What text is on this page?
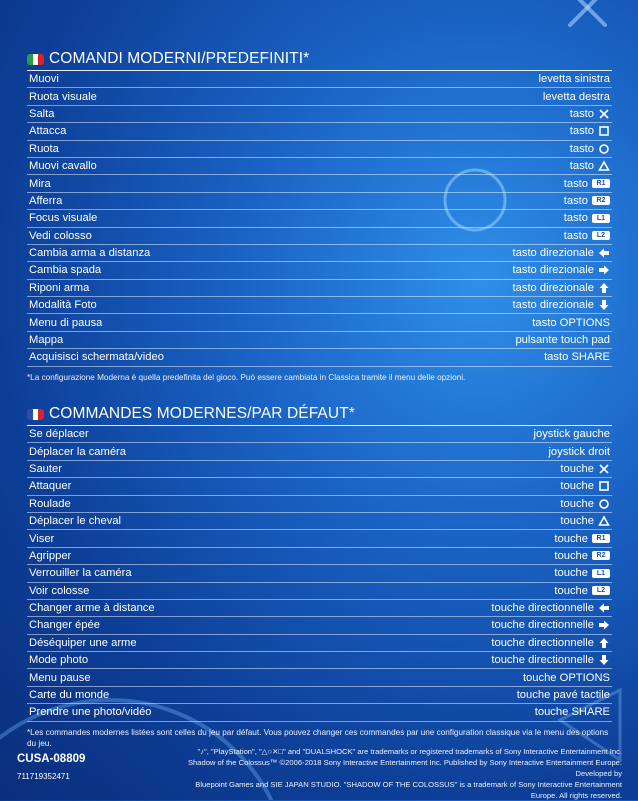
COMANDI MODERNI/PREDEFINITI*
Muovi	levetta sinistra
Ruota visuale	levetta destra
Salta	tasto
Attacca	tasto
Ruota	tasto
Muovi cavallo	tasto
Mira	tasto	R1
Afferra	tasto	R2
Focus visuale	tasto	L1
Vedi colosso	tasto	L2
Cambia arma a distanza	tasto direzionale
Cambia spada	tasto direzionale
Riponi arma	tasto direzionale
Modalità Foto	tasto direzionale
Menu di pausa	tasto OPTIONS
Mappa	pulsante touch pad
Acquisisci schermata/video	tasto SHARE
*La configurazione Moderna è quella predefinita del gioco. Può essere cambiata in Classica tramite il menu delle opzioni.
COMMANDES MODERNES/PAR DÉFAUT*
Se déplacer	joystick gauche
Déplacer la caméra	joystick droit
Sauter	touche
Attaquer	touche
Roulade	touche
Déplacer le cheval	touche
Viser	touche	R1
Agripper	touche	R2
Verrouiller la caméra	touche	L1
Voir colosse	touche	L2
Changer arme à distance	touche directionnelle
Changer épée	touche directionnelle
Déséquiper une arme	touche directionnelle
Mode photo	touche directionnelle
Menu pause	touche OPTIONS
Carte du monde	touche pavé tactile
Prendre une photo/vidéo	touche SHARE
*Les commandes modernes listées sont celles du jeu par défaut. Vous pouvez changer ces commandes par une configuration classique via le menu des options du jeu.
CUSA-08809
711719352471
"♪", "PlayStation", "△○✕□" and "DUALSHOCK" are trademarks or registered trademarks of Sony Interactive Entertainment Inc.
Shadow of the Colossus™ ©2006-2018 Sony Interactive Entertainment Inc. Published by Sony Interactive Entertainment Europe. Developed by
Bluepoint Games and SIE JAPAN STUDIO. "SHADOW OF THE COLOSSUS" is a trademark of Sony Interactive Entertainment Europe. All rights reserved.
